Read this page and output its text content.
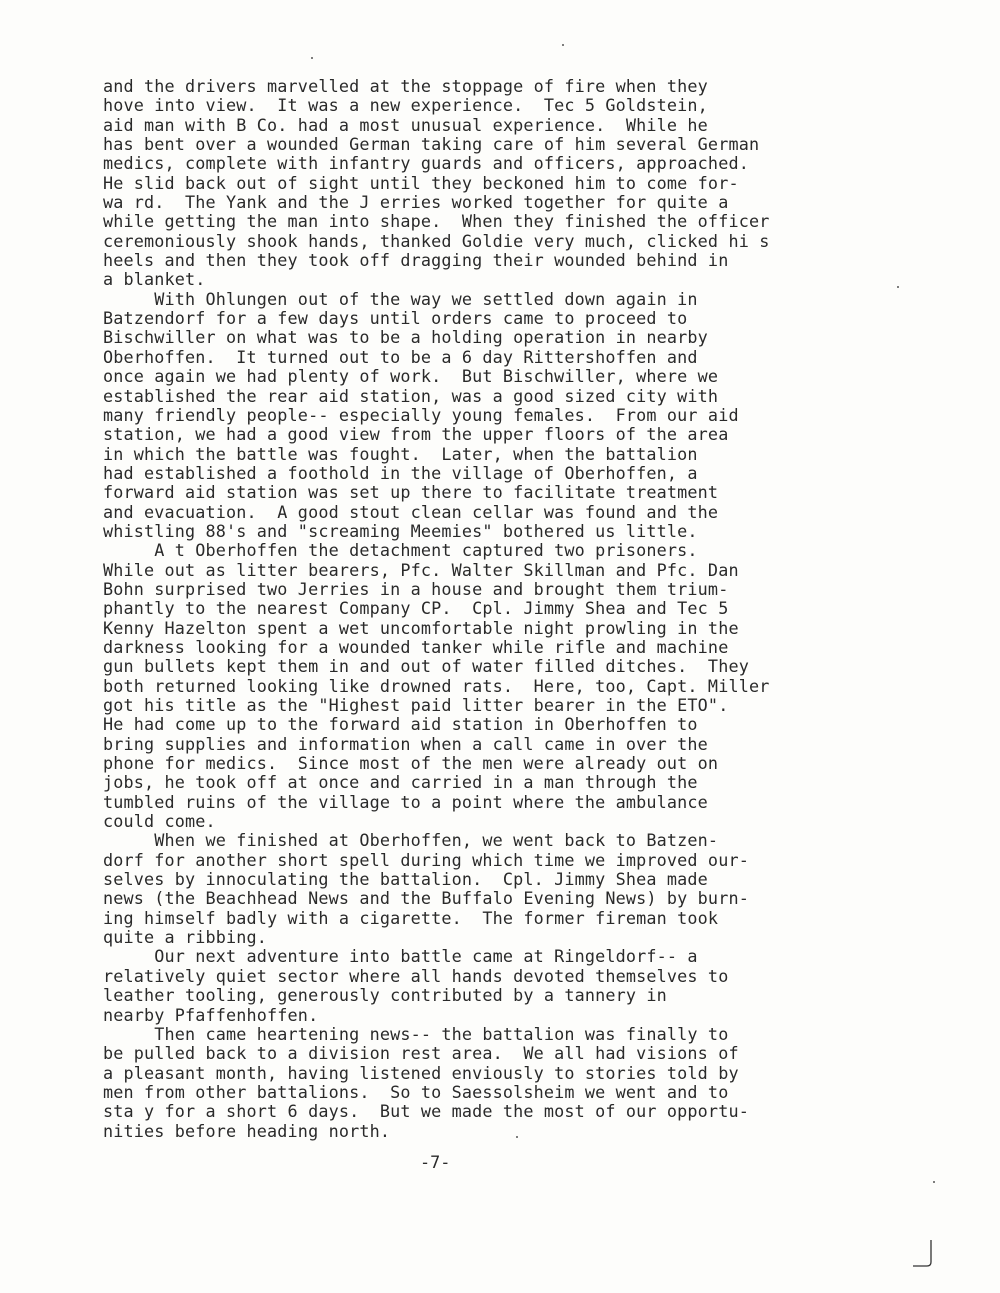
and the drivers marvelled at the stoppage of fire when they
hove into view.  It was a new experience.  Tec 5 Goldstein,
aid man with B Co. had a most unusual experience.  While he
has bent over a wounded German taking care of him several German
medics, complete with infantry guards and officers, approached.
He slid back out of sight until they beckoned him to come for-
wa rd.  The Yank and the J erries worked together for quite a
while getting the man into shape.  When they finished the officer
ceremoniously shook hands, thanked Goldie very much, clicked hi s
heels and then they took off dragging their wounded behind in
a blanket.
With Ohlungen out of the way we settled down again in
Batzendorf for a few days until orders came to proceed to
Bischwiller on what was to be a holding operation in nearby
Oberhoffen.  It turned out to be a 6 day Rittershoffen and
once again we had plenty of work.  But Bischwiller, where we
established the rear aid station, was a good sized city with
many friendly people-- especially young females.  From our aid
station, we had a good view from the upper floors of the area
in which the battle was fought.  Later, when the battalion
had established a foothold in the village of Oberhoffen, a
forward aid station was set up there to facilitate treatment
and evacuation.  A good stout clean cellar was found and the
whistling 88's and "screaming Meemies" bothered us little.
A t Oberhoffen the detachment captured two prisoners.
While out as litter bearers, Pfc. Walter Skillman and Pfc. Dan
Bohn surprised two Jerries in a house and brought them trium-
phantly to the nearest Company CP.  Cpl. Jimmy Shea and Tec 5
Kenny Hazelton spent a wet uncomfortable night prowling in the
darkness looking for a wounded tanker while rifle and machine
gun bullets kept them in and out of water filled ditches.  They
both returned looking like drowned rats.  Here, too, Capt. Miller
got his title as the "Highest paid litter bearer in the ETO".
He had come up to the forward aid station in Oberhoffen to
bring supplies and information when a call came in over the
phone for medics.  Since most of the men were already out on
jobs, he took off at once and carried in a man through the
tumbled ruins of the village to a point where the ambulance
could come.
When we finished at Oberhoffen, we went back to Batzen-
dorf for another short spell during which time we improved our-
selves by innoculating the battalion.  Cpl. Jimmy Shea made
news (the Beachhead News and the Buffalo Evening News) by burn-
ing himself badly with a cigarette.  The former fireman took
quite a ribbing.
Our next adventure into battle came at Ringeldorf-- a
relatively quiet sector where all hands devoted themselves to
leather tooling, generously contributed by a tannery in
nearby Pfaffenhoffen.
Then came heartening news-- the battalion was finally to
be pulled back to a division rest area.  We all had visions of
a pleasant month, having listened enviously to stories told by
men from other battalions.  So to Saessolsheim we went and to
sta y for a short 6 days.  But we made the most of our opportu-
nities before heading north.
-7-
